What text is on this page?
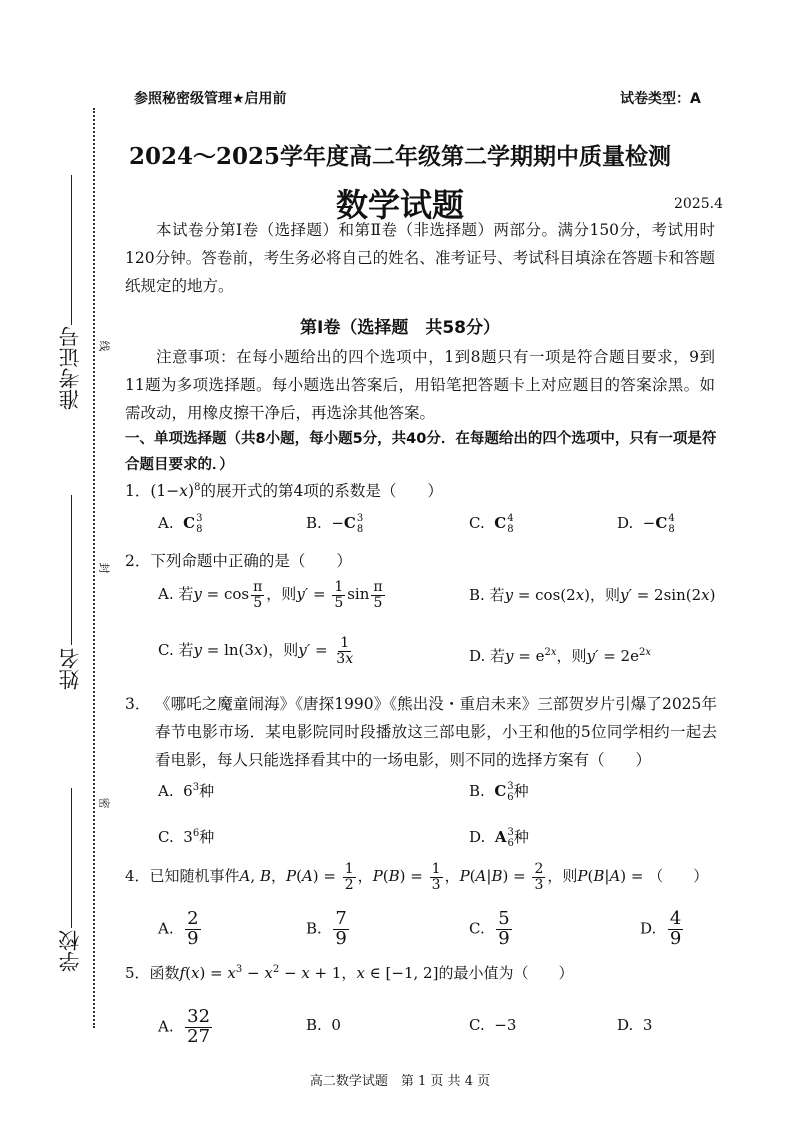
准考证号
姓名
学校
线
封
密
参照秘密级管理★启用前	试卷类型：A
2024～2025学年度高二年级第二学期期中质量检测
数学试题	2025.4
本试卷分第Ⅰ卷（选择题）和第Ⅱ卷（非选择题）两部分。满分150分，考试用时120分钟。答卷前，考生务必将自己的姓名、准考证号、考试科目填涂在答题卡和答题纸规定的地方。
第Ⅰ卷（选择题　共58分）
注意事项：在每小题给出的四个选项中，1到8题只有一项是符合题目要求，9到11题为多项选择题。每小题选出答案后，用铅笔把答题卡上对应题目的答案涂黑。如需改动，用橡皮擦干净后，再选涂其他答案。
一、单项选择题（共8小题，每小题5分，共40分．在每题给出的四个选项中，只有一项是符合题目要求的．）
1．$(1-x)^8$的展开式的第4项的系数是（　　）
A. C 3
8	B.  −C 3
8	C. C 4
8	D.  −C 4
8
2．下列命题中正确的是（　　）
A. 若$y = \cos \frac{\pi}{5}$ ，则$y' = \frac{1}{5}$ $\sin \frac{\pi}{5}$	B. 若y = cos(2x)，则y′ = 2sin(2x)
C. 若y = ln(3x)，则$y' = \frac{1}{3x}$	D. 若$y = e^{2x}$，则$y' = 2e^{2x}$
3． 《哪吒之魔童闹海》《唐探1990》《熊出没・重启未来》三部贺岁片引爆了2025年春节电影市场．某电影院同时段播放这三部电影，小王和他的5位同学相约一起去看电影，每人只能选择看其中的一场电影，则不同的选择方案有（　　）
A.  $6^3$种	B. C 3
6 种
C.  $3^6$种	D. A 3
6 种
4．已知随机事件A, B，$P(A) = \frac{1}{2}$ ，$P(B) = \frac{1}{3}$ ，$P(A|B) = \frac{2}{3}$ ，则P(B|A) = （　　）
A. $\frac{2}{9}$	B. $\frac{7}{9}$	C. $\frac{5}{9}$	D. $\frac{4}{9}$
5．函数$f(x) = x^3 - x^2 - x + 1$，x ∈ [−1, 2]的最小值为（　　）
A. $\frac{32}{27}$	B. 0	C. −3	D. 3
高二数学试题　第 1 页 共 4 页
